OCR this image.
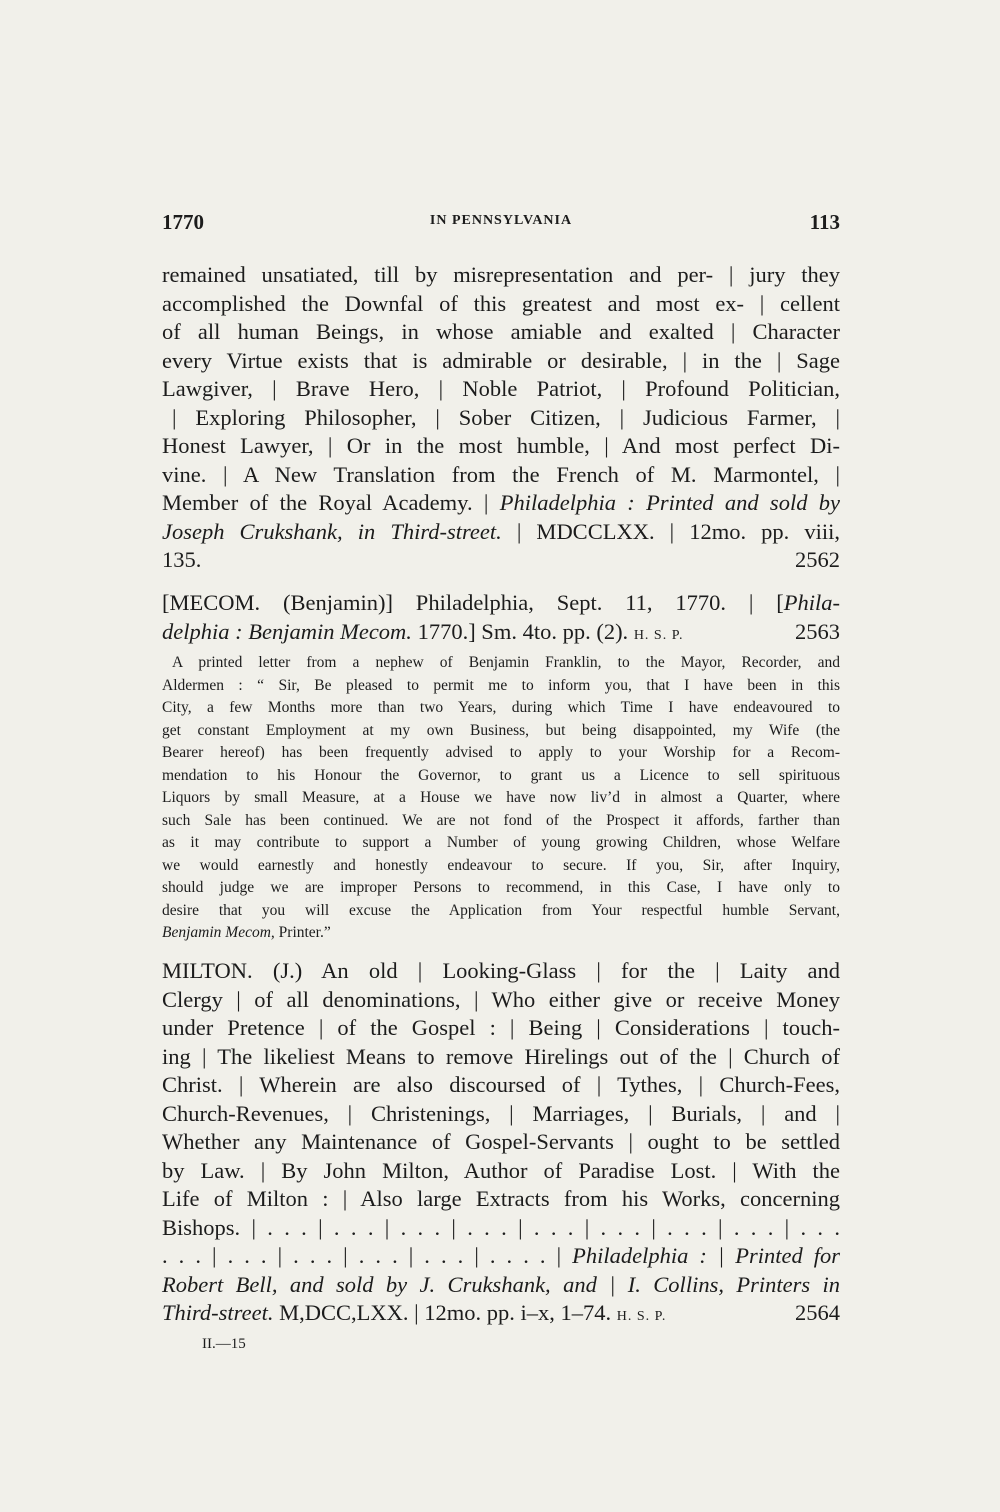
1770	IN PENNSYLVANIA	113
remained unsatiated, till by misrepresentation and per- | jury they
accomplished the Downfal of this greatest and most ex- | cellent
of all human Beings, in whose amiable and exalted | Character
every Virtue exists that is admirable or desirable, | in the | Sage
Lawgiver, | Brave Hero, | Noble Patriot, | Profound Politician,
| Exploring Philosopher, | Sober Citizen, | Judicious Farmer, |
Honest Lawyer, | Or in the most humble, | And most perfect Di-
vine. | A New Translation from the French of M. Marmontel, |
Member of the Royal Academy. | Philadelphia : Printed and sold by
Joseph Crukshank, in Third-street. | MDCCLXX. | 12mo. pp. viii,
135.	2562
[MECOM. (Benjamin)] Philadelphia, Sept. 11, 1770. | [Phila-
delphia : Benjamin Mecom. 1770.] Sm. 4to. pp. (2). H. S. P.	2563
A printed letter from a nephew of Benjamin Franklin, to the Mayor, Recorder, and
Aldermen : “ Sir, Be pleased to permit me to inform you, that I have been in this
City, a few Months more than two Years, during which Time I have endeavoured to
get constant Employment at my own Business, but being disappointed, my Wife (the
Bearer hereof) has been frequently advised to apply to your Worship for a Recom-
mendation to his Honour the Governor, to grant us a Licence to sell spirituous
Liquors by small Measure, at a House we have now liv’d in almost a Quarter, where
such Sale has been continued. We are not fond of the Prospect it affords, farther than
as it may contribute to support a Number of young growing Children, whose Welfare
we would earnestly and honestly endeavour to secure. If you, Sir, after Inquiry,
should judge we are improper Persons to recommend, in this Case, I have only to
desire that you will excuse the Application from Your respectful humble Servant,
Benjamin Mecom, Printer.”
MILTON. (J.) An old | Looking-Glass | for the | Laity and
Clergy | of all denominations, | Who either give or receive Money
under Pretence | of the Gospel : | Being | Considerations | touch-
ing | The likeliest Means to remove Hirelings out of the | Church of
Christ. | Wherein are also discoursed of | Tythes, | Church-Fees,
Church-Revenues, | Christenings, | Marriages, | Burials, | and |
Whether any Maintenance of Gospel-Servants | ought to be settled
by Law. | By John Milton, Author of Paradise Lost. | With the
Life of Milton : | Also large Extracts from his Works, concerning
Bishops. | . . . | . . . | . . . | . . . | . . . | . . . | . . . | . . . | . . .
. . . | . . . | . . . | . . . | . . . | . . . . | Philadelphia : | Printed for
Robert Bell, and sold by J. Crukshank, and | I. Collins, Printers in
Third-street. M,DCC,LXX. | 12mo. pp. i–x, 1–74. H. S. P.	2564
II.—15
